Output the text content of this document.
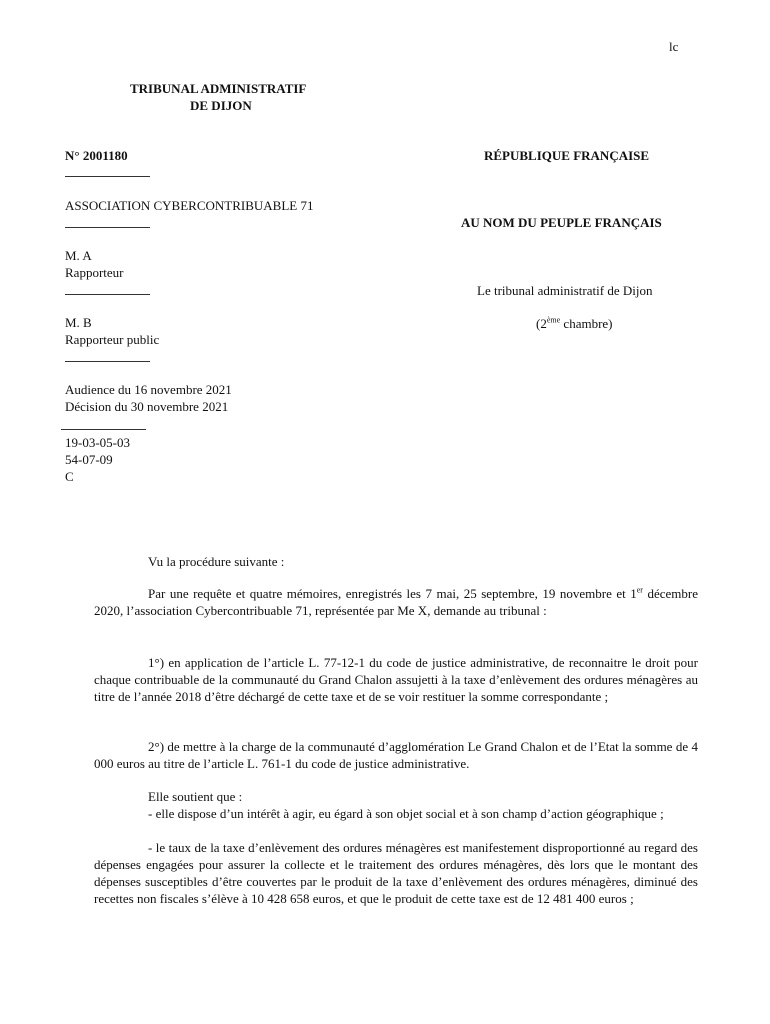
lc
TRIBUNAL ADMINISTRATIF
DE DIJON
N° 2001180
ASSOCIATION CYBERCONTRIBUABLE 71
M. A
Rapporteur
M. B
Rapporteur public
Audience du 16 novembre 2021
Décision du 30 novembre 2021
19-03-05-03
54-07-09
C
RÉPUBLIQUE FRANÇAISE
AU NOM DU PEUPLE FRANÇAIS
Le tribunal administratif de Dijon
(2ème chambre)
Vu la procédure suivante :
Par une requête et quatre mémoires, enregistrés les 7 mai, 25 septembre, 19 novembre et 1er décembre 2020, l’association Cybercontribuable 71, représentée par Me X, demande au tribunal :
1°) en application de l’article L. 77-12-1 du code de justice administrative, de reconnaitre le droit pour chaque contribuable de la communauté du Grand Chalon assujetti à la taxe d’enlèvement des ordures ménagères au titre de l’année 2018 d’être déchargé de cette taxe et de se voir restituer la somme correspondante ;
2°) de mettre à la charge de la communauté d’agglomération Le Grand Chalon et de l’Etat la somme de 4 000 euros au titre de l’article L. 761-1 du code de justice administrative.
Elle soutient que :
- elle dispose d’un intérêt à agir, eu égard à son objet social et à son champ d’action géographique ;
- le taux de la taxe d’enlèvement des ordures ménagères est manifestement disproportionné au regard des dépenses engagées pour assurer la collecte et le traitement des ordures ménagères, dès lors que le montant des dépenses susceptibles d’être couvertes par le produit de la taxe d’enlèvement des ordures ménagères, diminué des recettes non fiscales s’élève à 10 428 658 euros, et que le produit de cette taxe est de 12 481 400 euros ;
